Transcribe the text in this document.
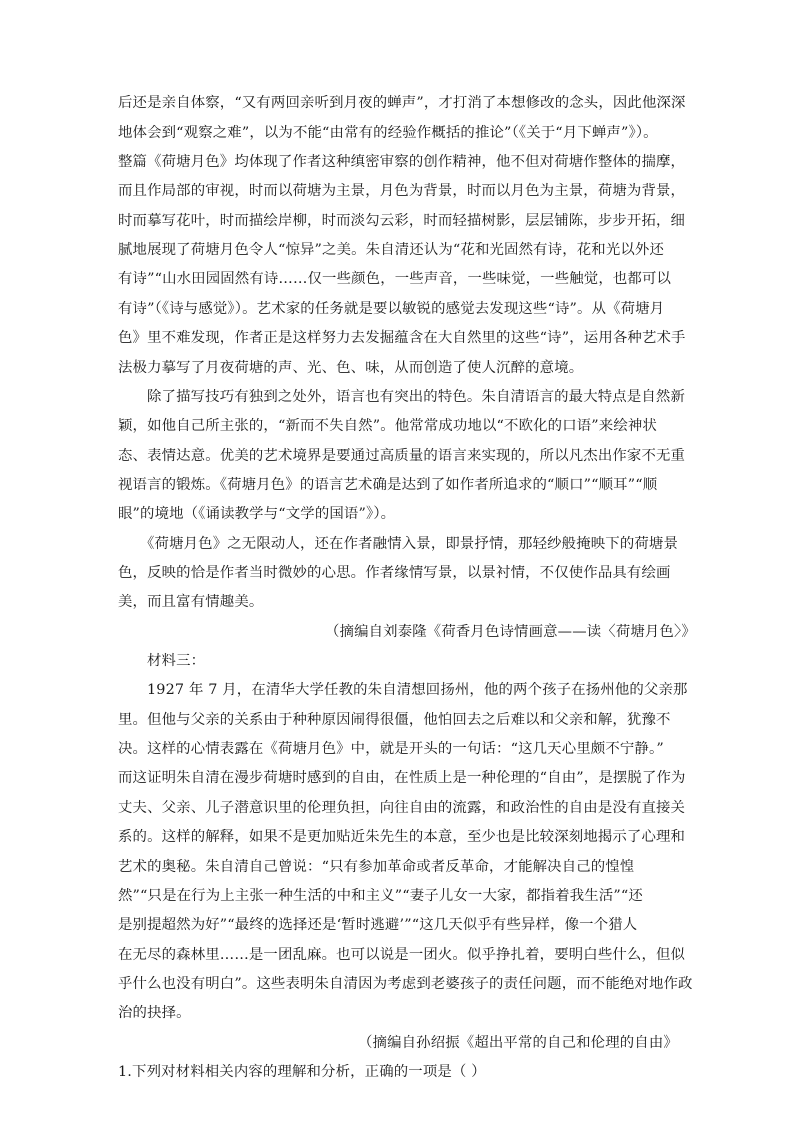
后还是亲自体察，“又有两回亲听到月夜的蝉声”，才打消了本想修改的念头，因此他深深
地体会到“观察之难”，以为不能“由常有的经验作概括的推论”（《关于“月下蝉声”》）。
整篇《荷塘月色》均体现了作者这种缜密审察的创作精神，他不但对荷塘作整体的揣摩，
而且作局部的审视，时而以荷塘为主景，月色为背景，时而以月色为主景，荷塘为背景，
时而摹写花叶，时而描绘岸柳，时而淡勾云彩，时而轻描树影，层层铺陈，步步开拓，细
腻地展现了荷塘月色令人“惊异”之美。朱自清还认为“花和光固然有诗，花和光以外还
有诗”“山水田园固然有诗……仅一些颜色，一些声音，一些味觉，一些触觉，也都可以
有诗”（《诗与感觉》）。艺术家的任务就是要以敏锐的感觉去发现这些“诗”。从《荷塘月
色》里不难发现，作者正是这样努力去发掘蕴含在大自然里的这些“诗”，运用各种艺术手
法极力摹写了月夜荷塘的声、光、色、味，从而创造了使人沉醉的意境。
除了描写技巧有独到之处外，语言也有突出的特色。朱自清语言的最大特点是自然新
颖，如他自己所主张的，“新而不失自然”。他常常成功地以“不欧化的口语”来绘神状
态、表情达意。优美的艺术境界是要通过高质量的语言来实现的，所以凡杰出作家不无重
视语言的锻炼。《荷塘月色》的语言艺术确是达到了如作者所追求的“顺口”“顺耳”“顺
眼”的境地（《诵读教学与“文学的国语”》）。
《荷塘月色》之无限动人，还在作者融情入景，即景抒情，那轻纱般掩映下的荷塘景
色，反映的恰是作者当时微妙的心思。作者缘情写景，以景衬情，不仅使作品具有绘画
美，而且富有情趣美。
（摘编自刘泰隆《荷香月色诗情画意——读〈荷塘月色〉》
材料三：
1927 年 7 月，在清华大学任教的朱自清想回扬州，他的两个孩子在扬州他的父亲那
里。但他与父亲的关系由于种种原因闹得很僵，他怕回去之后难以和父亲和解，犹豫不
决。这样的心情表露在《荷塘月色》中，就是开头的一句话：“这几天心里颇不宁静。”
而这证明朱自清在漫步荷塘时感到的自由，在性质上是一种伦理的“自由”，是摆脱了作为
丈夫、父亲、儿子潜意识里的伦理负担，向往自由的流露，和政治性的自由是没有直接关
系的。这样的解释，如果不是更加贴近朱先生的本意，至少也是比较深刻地揭示了心理和
艺术的奥秘。朱自清自己曾说：“只有参加革命或者反革命，才能解决自己的惶惶
然”“只是在行为上主张一种生活的中和主义”“妻子儿女一大家，都指着我生活”“还
是别提超然为好”“最终的选择还是‘暂时逃避’”“这几天似乎有些异样，像一个猎人
在无尽的森林里……是一团乱麻。也可以说是一团火。似乎挣扎着，要明白些什么，但似
乎什么也没有明白”。这些表明朱自清因为考虑到老婆孩子的责任问题，而不能绝对地作政
治的抉择。
（摘编自孙绍振《超出平常的自己和伦理的自由》
1.下列对材料相关内容的理解和分析，正确的一项是（ ）
